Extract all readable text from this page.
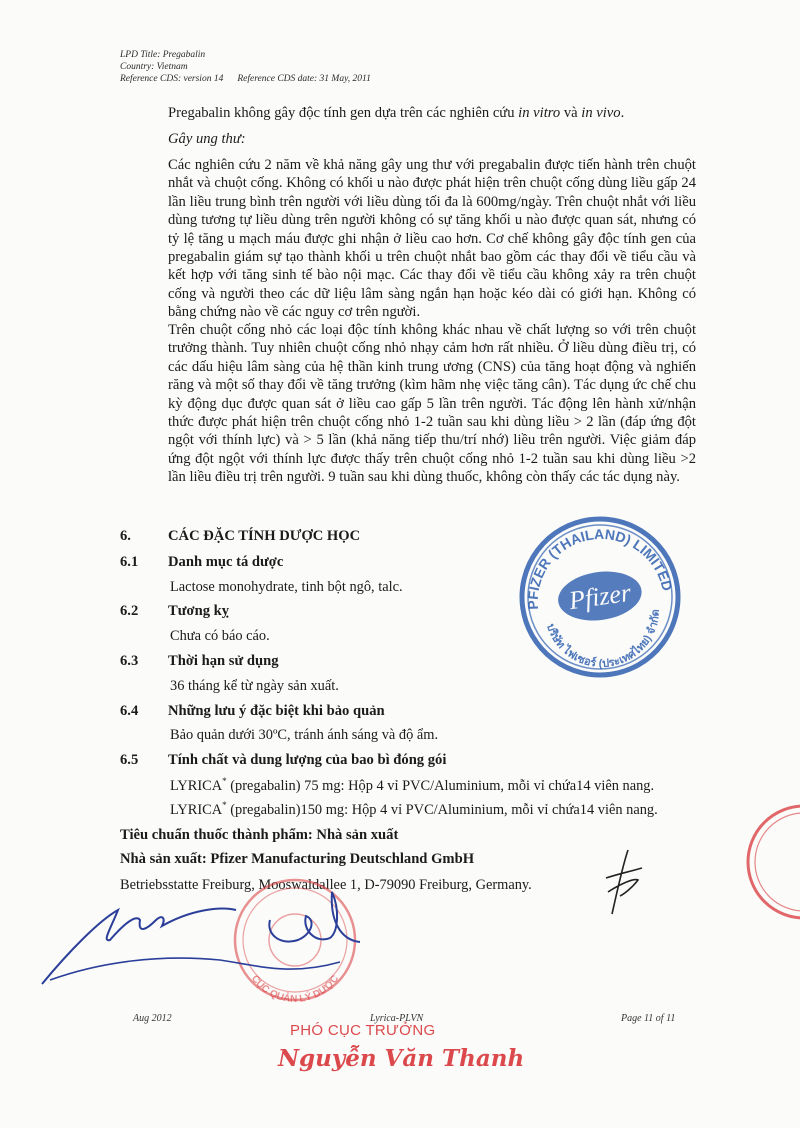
LPD Title: Pregabalin
Country: Vietnam
Reference CDS: version 14 Reference CDS date: 31 May, 2011

Pregabalin không gây độc tính gen dựa trên các nghiên cứu in vitro và in vivo.

Gây ung thư:

Các nghiên cứu 2 năm về khả năng gây ung thư với pregabalin được tiến hành trên chuột nhắt và chuột cống. Không có khối u nào được phát hiện trên chuột cống dùng liều gấp 24 lần liều trung bình trên người với liều dùng tối đa là 600mg/ngày. Trên chuột nhắt với liều dùng tương tự liều dùng trên người không có sự tăng khối u nào được quan sát, nhưng có tỷ lệ tăng u mạch máu được ghi nhận ở liều cao hơn. Cơ chế không gây độc tính gen của pregabalin giám sự tạo thành khối u trên chuột nhắt bao gồm các thay đổi về tiểu cầu và kết hợp với tăng sinh tế bào nội mạc. Các thay đổi về tiểu cầu không xảy ra trên chuột cống và người theo các dữ liệu lâm sàng ngắn hạn hoặc kéo dài có giới hạn. Không có bằng chứng nào về các nguy cơ trên người.

Trên chuột cống nhỏ các loại độc tính không khác nhau về chất lượng so với trên chuột trưởng thành. Tuy nhiên chuột cống nhỏ nhạy cảm hơn rất nhiều. Ở liều dùng điều trị, có các dấu hiệu lâm sàng của hệ thần kinh trung ương (CNS) của tăng hoạt động và nghiến răng và một số thay đổi về tăng trưởng (kìm hãm nhẹ việc tăng cân). Tác dụng ức chế chu kỳ động dục được quan sát ở liều cao gấp 5 lần trên người. Tác động lên hành xử/nhận thức được phát hiện trên chuột cống nhỏ 1-2 tuần sau khi dùng liều > 2 lần (đáp ứng đột ngột với thính lực) và > 5 lần (khả năng tiếp thu/trí nhớ) liều trên người. Việc giảm đáp ứng đột ngột với thính lực được thấy trên chuột cống nhỏ 1-2 tuần sau khi dùng liều >2 lần liều điều trị trên người. 9 tuần sau khi dùng thuốc, không còn thấy các tác dụng này.

6.	CÁC ĐẶC TÍNH DƯỢC HỌC
6.1 Danh mục tá dược
Lactose monohydrate, tinh bột ngô, talc.
6.2 Tương kỵ
Chưa có báo cáo.
6.3 Thời hạn sử dụng
36 tháng kể từ ngày sản xuất.
6.4 Những lưu ý đặc biệt khi bảo quản
Bảo quản dưới 30ºC, tránh ánh sáng và độ ẩm.
6.5 Tính chất và dung lượng của bao bì đóng gói
LYRICA* (pregabalin) 75 mg: Hộp 4 vỉ PVC/Aluminium, mỗi vỉ chứa14 viên nang.
LYRICA* (pregabalin)150 mg: Hộp 4 vỉ PVC/Aluminium, mỗi vỉ chứa14 viên nang.
Tiêu chuẩn thuốc thành phẩm: Nhà sản xuất
Nhà sản xuất: Pfizer Manufacturing Deutschland GmbH
Betriebsstatte Freiburg, Mooswaldallee 1, D-79090 Freiburg, Germany.
PFIZER (THAILAND) LIMITED
บริษัท ไฟเซอร์ (ประเทศไทย) จำกัด
Pfizer
CỤC QUẢN LÝ DƯỢC
Aug 2012	Lyrica-PLVN	Page 11 of 11
PHÓ CỤC TRƯỞNG
Nguyễn Văn Thanh
